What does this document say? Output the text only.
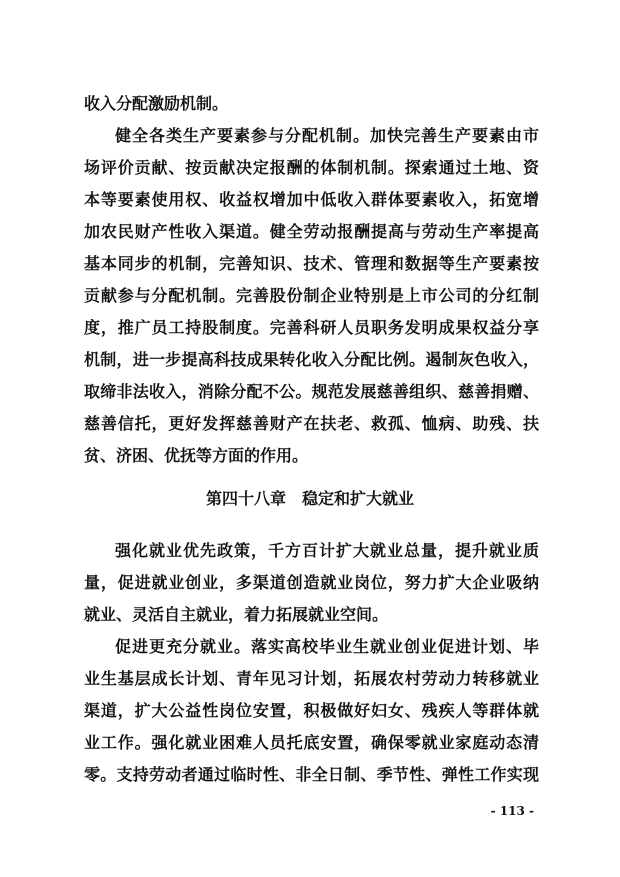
收入分配激励机制。
健全各类生产要素参与分配机制。加快完善生产要素由市
场评价贡献、按贡献决定报酬的体制机制。探索通过土地、资
本等要素使用权、收益权增加中低收入群体要素收入，拓宽增
加农民财产性收入渠道。健全劳动报酬提高与劳动生产率提高
基本同步的机制，完善知识、技术、管理和数据等生产要素按
贡献参与分配机制。完善股份制企业特别是上市公司的分红制
度，推广员工持股制度。完善科研人员职务发明成果权益分享
机制，进一步提高科技成果转化收入分配比例。遏制灰色收入，
取缔非法收入，消除分配不公。规范发展慈善组织、慈善捐赠、
慈善信托，更好发挥慈善财产在扶老、救孤、恤病、助残、扶
贫、济困、优抚等方面的作用。
第四十八章　稳定和扩大就业
强化就业优先政策，千方百计扩大就业总量，提升就业质
量，促进就业创业，多渠道创造就业岗位，努力扩大企业吸纳
就业、灵活自主就业，着力拓展就业空间。
促进更充分就业。落实高校毕业生就业创业促进计划、毕
业生基层成长计划、青年见习计划，拓展农村劳动力转移就业
渠道，扩大公益性岗位安置，积极做好妇女、残疾人等群体就
业工作。强化就业困难人员托底安置，确保零就业家庭动态清
零。支持劳动者通过临时性、非全日制、季节性、弹性工作实现
- 113 -
